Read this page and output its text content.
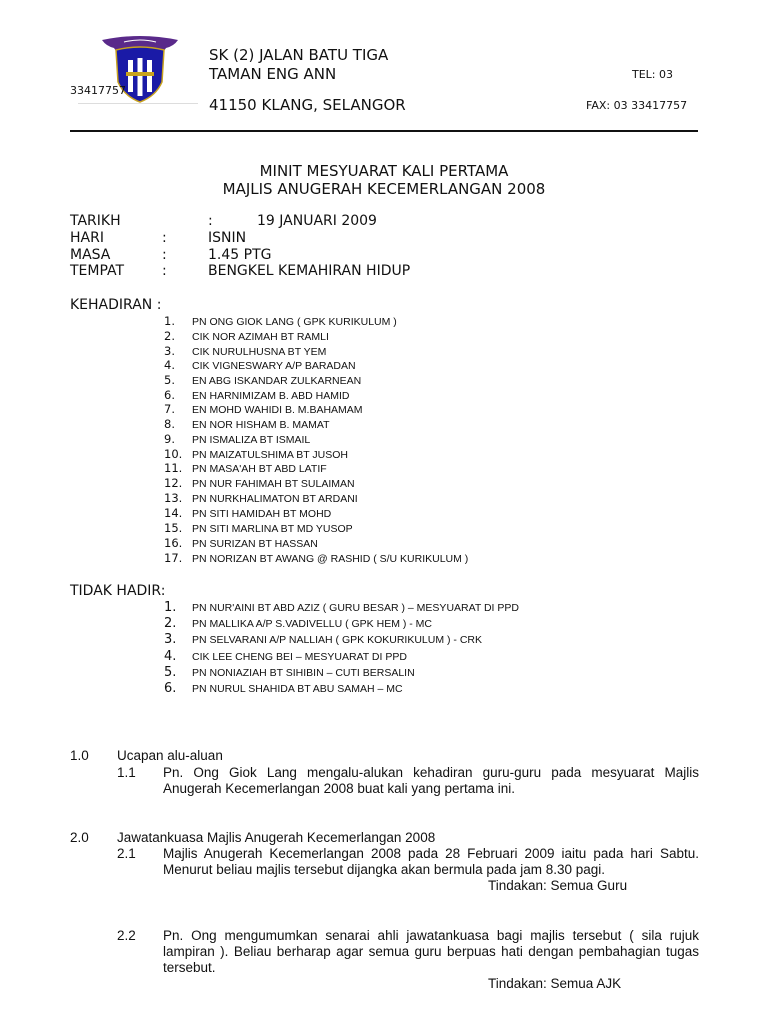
SK (2) JALAN BATU TIGA
TAMAN ENG ANN
41150 KLANG, SELANGOR
TEL: 03
33417757
FAX: 03 33417757
MINIT MESYUARAT KALI PERTAMA
MAJLIS ANUGERAH KECEMERLANGAN 2008
TARIKH	:	19 JANUARI 2009
HARI	:	ISNIN
MASA	:	1.45 PTG
TEMPAT	:	BENGKEL KEMAHIRAN HIDUP
KEHADIRAN :
1. PN ONG GIOK LANG ( GPK KURIKULUM )
2. CIK NOR AZIMAH BT RAMLI
3. CIK NURULHUSNA BT YEM
4. CIK VIGNESWARY A/P BARADAN
5. EN ABG ISKANDAR ZULKARNEAN
6. EN HARNIMIZAM B. ABD HAMID
7. EN MOHD WAHIDI B. M.BAHAMAM
8. EN NOR HISHAM B. MAMAT
9. PN ISMALIZA BT ISMAIL
10. PN MAIZATULSHIMA BT JUSOH
11. PN MASA'AH BT ABD LATIF
12. PN NUR FAHIMAH BT SULAIMAN
13. PN NURKHALIMATON BT ARDANI
14. PN SITI HAMIDAH BT MOHD
15. PN SITI MARLINA BT MD YUSOP
16. PN SURIZAN BT HASSAN
17. PN NORIZAN BT AWANG @ RASHID ( S/U KURIKULUM )
TIDAK HADIR:
1. PN NUR'AINI BT ABD AZIZ ( GURU BESAR ) – MESYUARAT DI PPD
2. PN MALLIKA A/P S.VADIVELLU ( GPK HEM ) - MC
3. PN SELVARANI A/P NALLIAH ( GPK KOKURIKULUM ) - CRK
4. CIK LEE CHENG BEI – MESYUARAT DI PPD
5. PN NONIAZIAH BT SIHIBIN – CUTI BERSALIN
6. PN NURUL SHAHIDA BT ABU SAMAH – MC
1.0 Ucapan alu-aluan
1.1 Pn. Ong Giok Lang mengalu-alukan kehadiran guru-guru pada mesyuarat Majlis Anugerah Kecemerlangan 2008 buat kali yang pertama ini.
2.0 Jawatankuasa Majlis Anugerah Kecemerlangan 2008
2.1 Majlis Anugerah Kecemerlangan 2008 pada 28 Februari 2009 iaitu pada hari Sabtu. Menurut beliau majlis tersebut dijangka akan bermula pada jam 8.30 pagi.
Tindakan: Semua Guru
2.2 Pn. Ong mengumumkan senarai ahli jawatankuasa bagi majlis tersebut ( sila rujuk lampiran ). Beliau berharap agar semua guru berpuas hati dengan pembahagian tugas tersebut.
Tindakan: Semua AJK
